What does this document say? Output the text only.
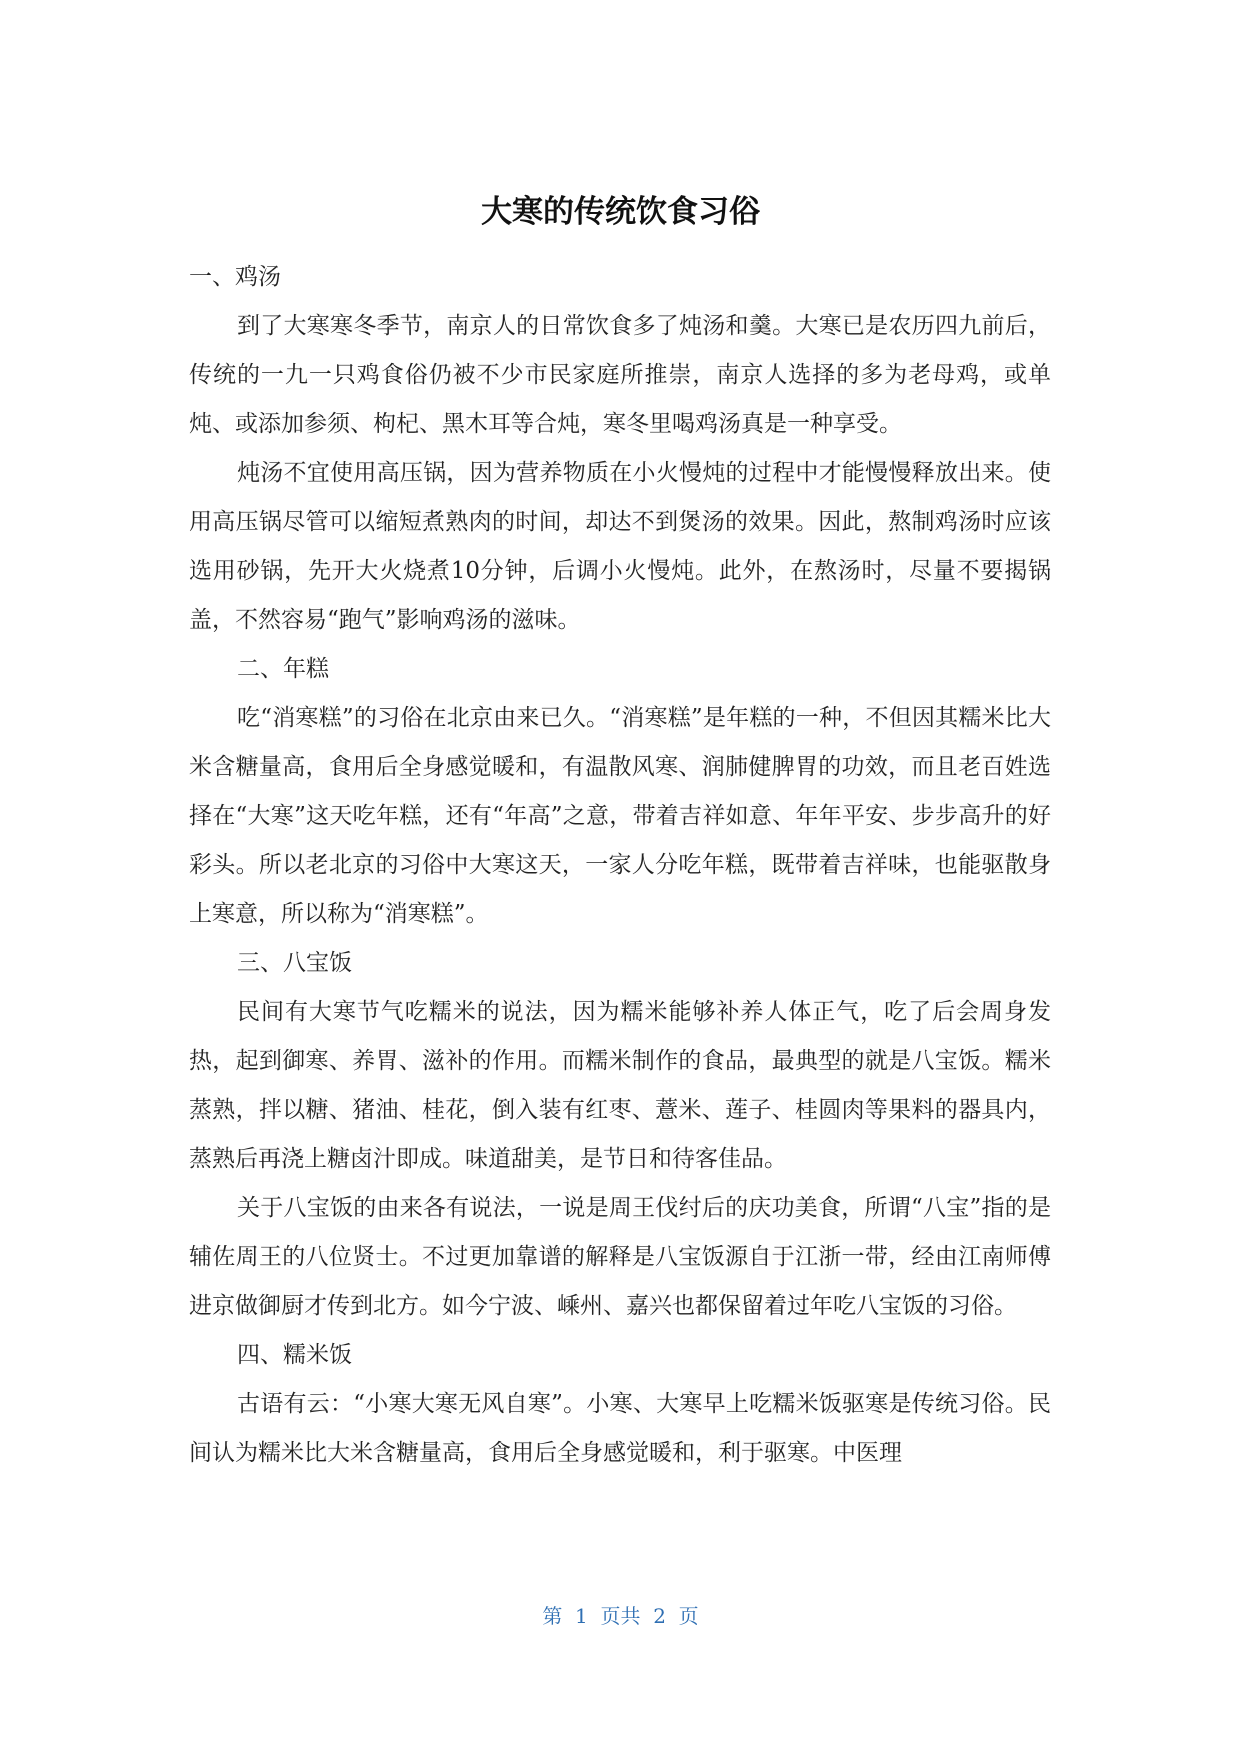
大寒的传统饮食习俗

一、鸡汤

到了大寒寒冬季节，南京人的日常饮食多了炖汤和羹。大寒已是农历四九前后，传统的一九一只鸡食俗仍被不少市民家庭所推崇，南京人选择的多为老母鸡，或单炖、或添加参须、枸杞、黑木耳等合炖，寒冬里喝鸡汤真是一种享受。

炖汤不宜使用高压锅，因为营养物质在小火慢炖的过程中才能慢慢释放出来。使用高压锅尽管可以缩短煮熟肉的时间，却达不到煲汤的效果。因此，熬制鸡汤时应该选用砂锅，先开大火烧煮10分钟，后调小火慢炖。此外，在熬汤时，尽量不要揭锅盖，不然容易“跑气”影响鸡汤的滋味。

二、年糕

吃“消寒糕”的习俗在北京由来已久。“消寒糕”是年糕的一种，不但因其糯米比大米含糖量高，食用后全身感觉暖和，有温散风寒、润肺健脾胃的功效，而且老百姓选择在“大寒”这天吃年糕，还有“年高”之意，带着吉祥如意、年年平安、步步高升的好彩头。所以老北京的习俗中大寒这天，一家人分吃年糕，既带着吉祥味，也能驱散身上寒意，所以称为“消寒糕”。

三、八宝饭

民间有大寒节气吃糯米的说法，因为糯米能够补养人体正气，吃了后会周身发热，起到御寒、养胃、滋补的作用。而糯米制作的食品，最典型的就是八宝饭。糯米蒸熟，拌以糖、猪油、桂花，倒入装有红枣、薏米、莲子、桂圆肉等果料的器具内，蒸熟后再浇上糖卤汁即成。味道甜美，是节日和待客佳品。

关于八宝饭的由来各有说法，一说是周王伐纣后的庆功美食，所谓“八宝”指的是辅佐周王的八位贤士。不过更加靠谱的解释是八宝饭源自于江浙一带，经由江南师傅进京做御厨才传到北方。如今宁波、嵊州、嘉兴也都保留着过年吃八宝饭的习俗。

四、糯米饭

古语有云：“小寒大寒无风自寒”。小寒、大寒早上吃糯米饭驱寒是传统习俗。民间认为糯米比大米含糖量高，食用后全身感觉暖和，利于驱寒。中医理

第  1  页共  2  页
